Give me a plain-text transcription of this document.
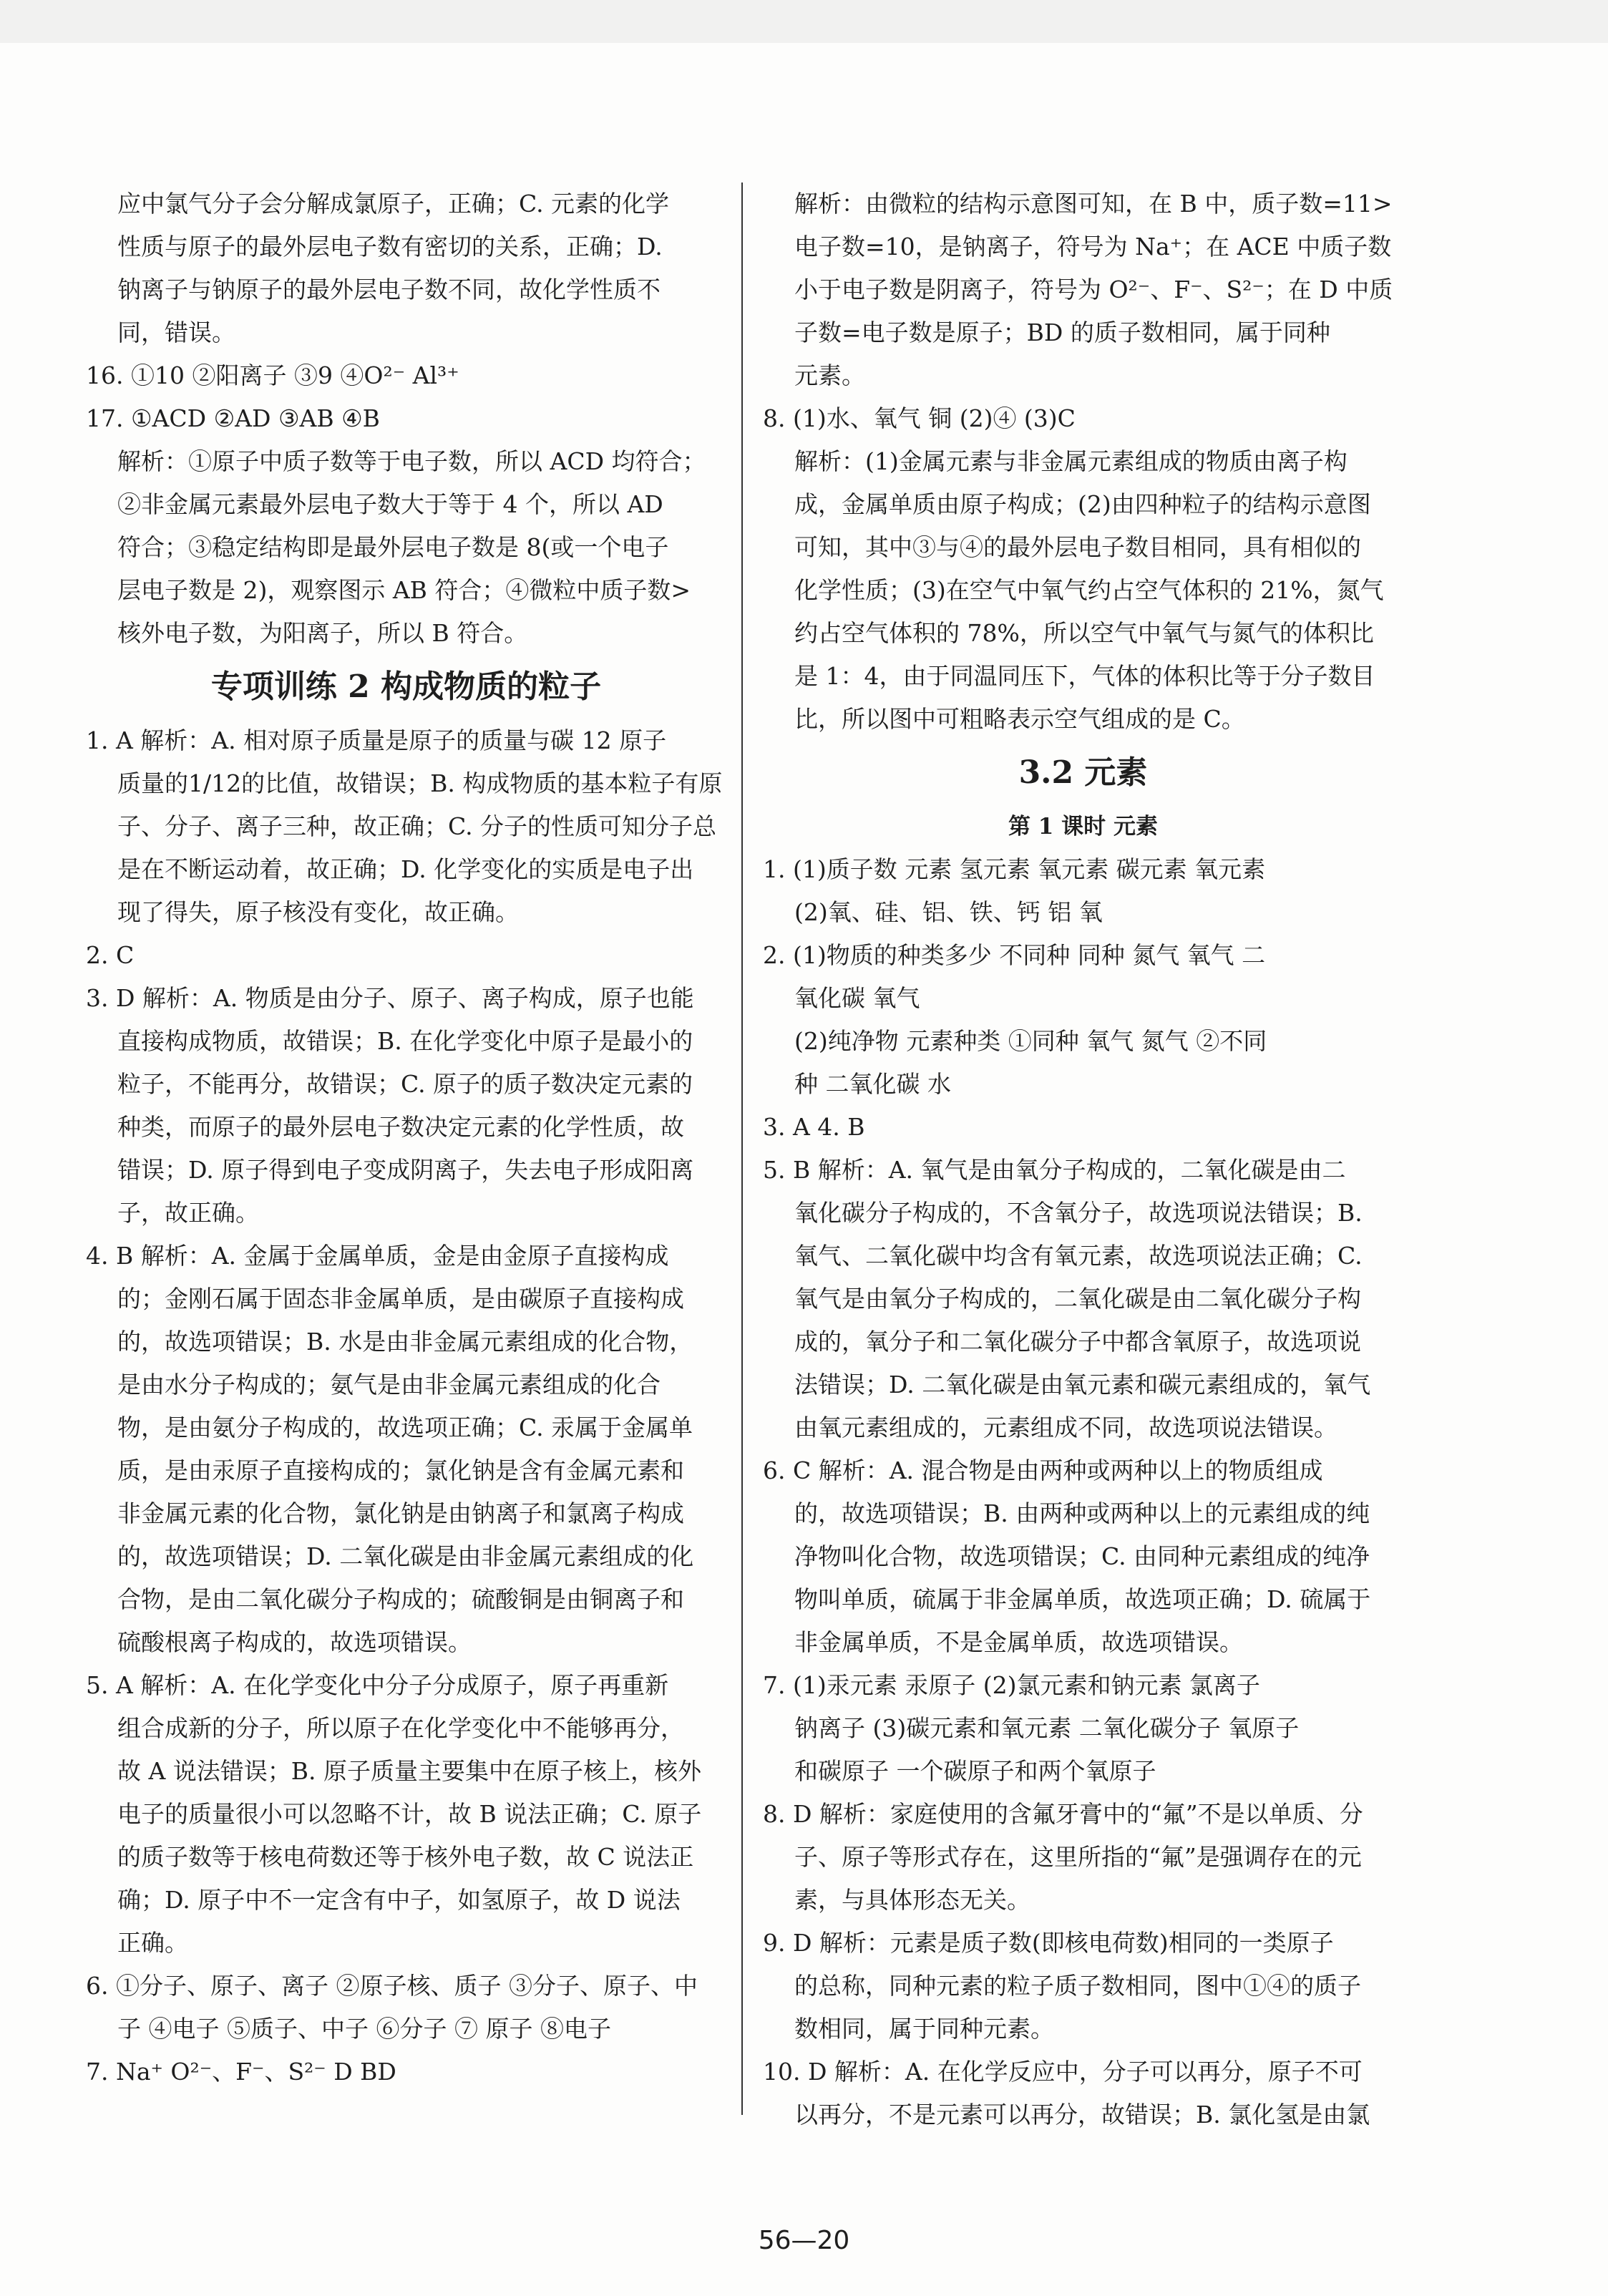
应中氯气分子会分解成氯原子，正确；C. 元素的化学
性质与原子的最外层电子数有密切的关系，正确；D.
钠离子与钠原子的最外层电子数不同，故化学性质不
同，错误。
16. ①10 ②阳离子 ③9 ④O²⁻ Al³⁺
17. ①ACD ②AD ③AB ④B
解析：①原子中质子数等于电子数，所以 ACD 均符合；
②非金属元素最外层电子数大于等于 4 个，所以 AD
符合；③稳定结构即是最外层电子数是 8(或一个电子
层电子数是 2)，观察图示 AB 符合；④微粒中质子数>
核外电子数，为阳离子，所以 B 符合。
专项训练 2 构成物质的粒子
1. A 解析：A. 相对原子质量是原子的质量与碳 12 原子
质量的1/12的比值，故错误；B. 构成物质的基本粒子有原
子、分子、离子三种，故正确；C. 分子的性质可知分子总
是在不断运动着，故正确；D. 化学变化的实质是电子出
现了得失，原子核没有变化，故正确。
2. C
3. D 解析：A. 物质是由分子、原子、离子构成，原子也能
直接构成物质，故错误；B. 在化学变化中原子是最小的
粒子，不能再分，故错误；C. 原子的质子数决定元素的
种类，而原子的最外层电子数决定元素的化学性质，故
错误；D. 原子得到电子变成阴离子，失去电子形成阳离
子，故正确。
4. B 解析：A. 金属于金属单质，金是由金原子直接构成
的；金刚石属于固态非金属单质，是由碳原子直接构成
的，故选项错误；B. 水是由非金属元素组成的化合物，
是由水分子构成的；氨气是由非金属元素组成的化合
物，是由氨分子构成的，故选项正确；C. 汞属于金属单
质，是由汞原子直接构成的；氯化钠是含有金属元素和
非金属元素的化合物，氯化钠是由钠离子和氯离子构成
的，故选项错误；D. 二氧化碳是由非金属元素组成的化
合物，是由二氧化碳分子构成的；硫酸铜是由铜离子和
硫酸根离子构成的，故选项错误。
5. A 解析：A. 在化学变化中分子分成原子，原子再重新
组合成新的分子，所以原子在化学变化中不能够再分，
故 A 说法错误；B. 原子质量主要集中在原子核上，核外
电子的质量很小可以忽略不计，故 B 说法正确；C. 原子
的质子数等于核电荷数还等于核外电子数，故 C 说法正
确；D. 原子中不一定含有中子，如氢原子，故 D 说法
正确。
6. ①分子、原子、离子 ②原子核、质子 ③分子、原子、中
子 ④电子 ⑤质子、中子 ⑥分子 ⑦ 原子 ⑧电子
7. Na⁺ O²⁻、F⁻、S²⁻ D BD
解析：由微粒的结构示意图可知，在 B 中，质子数=11>
电子数=10，是钠离子，符号为 Na⁺；在 ACE 中质子数
小于电子数是阴离子，符号为 O²⁻、F⁻、S²⁻；在 D 中质
子数=电子数是原子；BD 的质子数相同，属于同种
元素。
8. (1)水、氧气 铜 (2)④ (3)C
解析：(1)金属元素与非金属元素组成的物质由离子构
成，金属单质由原子构成；(2)由四种粒子的结构示意图
可知，其中③与④的最外层电子数目相同，具有相似的
化学性质；(3)在空气中氧气约占空气体积的 21%，氮气
约占空气体积的 78%，所以空气中氧气与氮气的体积比
是 1：4，由于同温同压下，气体的体积比等于分子数目
比，所以图中可粗略表示空气组成的是 C。
3.2 元素
第 1 课时 元素
1. (1)质子数 元素 氢元素 氧元素 碳元素 氧元素
(2)氧、硅、铝、铁、钙 铝 氧
2. (1)物质的种类多少 不同种 同种 氮气 氧气 二
氧化碳 氧气
(2)纯净物 元素种类 ①同种 氧气 氮气 ②不同
种 二氧化碳 水
3. A 4. B
5. B 解析：A. 氧气是由氧分子构成的，二氧化碳是由二
氧化碳分子构成的，不含氧分子，故选项说法错误；B.
氧气、二氧化碳中均含有氧元素，故选项说法正确；C.
氧气是由氧分子构成的，二氧化碳是由二氧化碳分子构
成的，氧分子和二氧化碳分子中都含氧原子，故选项说
法错误；D. 二氧化碳是由氧元素和碳元素组成的，氧气
由氧元素组成的，元素组成不同，故选项说法错误。
6. C 解析：A. 混合物是由两种或两种以上的物质组成
的，故选项错误；B. 由两种或两种以上的元素组成的纯
净物叫化合物，故选项错误；C. 由同种元素组成的纯净
物叫单质，硫属于非金属单质，故选项正确；D. 硫属于
非金属单质，不是金属单质，故选项错误。
7. (1)汞元素 汞原子 (2)氯元素和钠元素 氯离子
钠离子 (3)碳元素和氧元素 二氧化碳分子 氧原子
和碳原子 一个碳原子和两个氧原子
8. D 解析：家庭使用的含氟牙膏中的“氟”不是以单质、分
子、原子等形式存在，这里所指的“氟”是强调存在的元
素，与具体形态无关。
9. D 解析：元素是质子数(即核电荷数)相同的一类原子
的总称，同种元素的粒子质子数相同，图中①④的质子
数相同，属于同种元素。
10. D 解析：A. 在化学反应中，分子可以再分，原子不可
以再分，不是元素可以再分，故错误；B. 氯化氢是由氯
56—20
